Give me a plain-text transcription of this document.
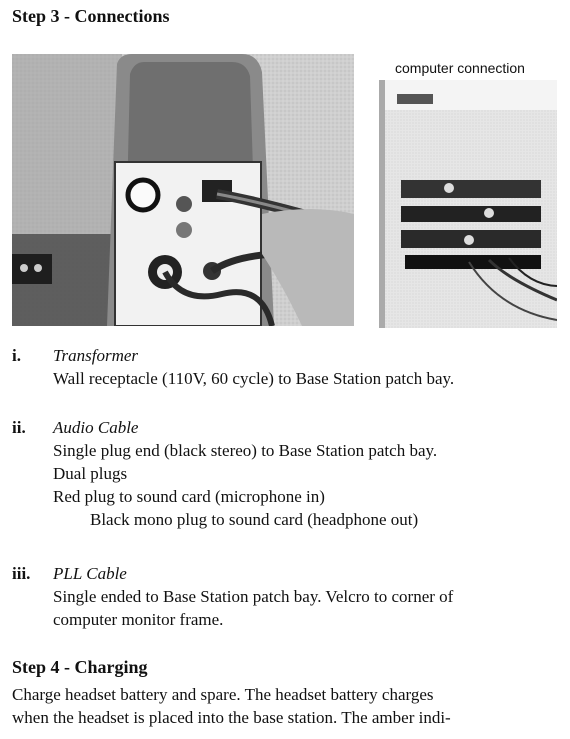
Step 3 - Connections
computer connection
i.	Transformer
Wall receptacle (110V, 60 cycle) to Base Station patch bay.
ii.	Audio Cable
Single plug end (black stereo) to Base Station patch bay.
Dual plugs
Red plug to sound card (microphone in)
Black mono plug to sound card (headphone out)
iii.	PLL Cable
Single ended to Base Station patch bay. Velcro to corner of
computer monitor frame.
Step 4 - Charging
Charge headset battery and spare. The headset battery charges
when the headset is placed into the base station. The amber indi-
